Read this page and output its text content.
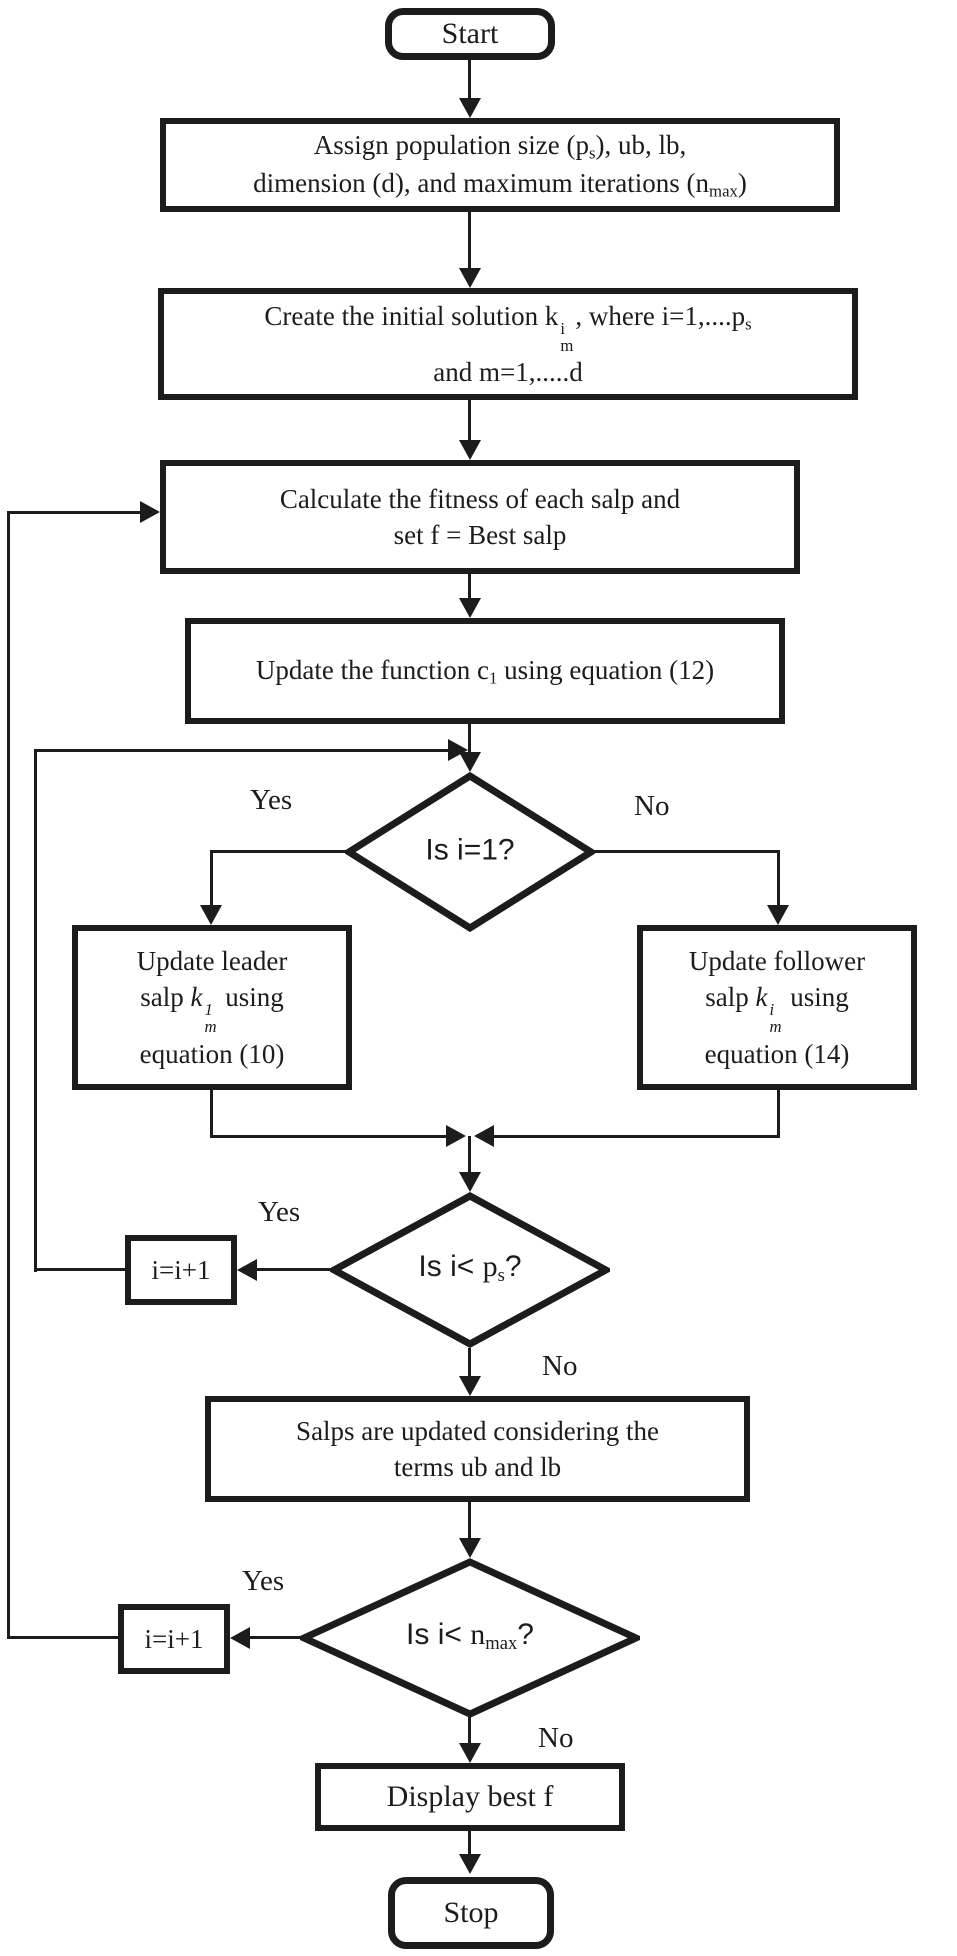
Start
Assign population size $(p_s)$, ub, lb,
dimension (d), and maximum iterations $(n_{max})$
Create the initial solution k i
m
, where $i=1,....p_s$
and m=1,.....d
Calculate the fitness of each salp and
set f = Best salp
Update the function $c_1$ using equation (12)
Is i=1?
Yes	No
Update leader
salp k 1
m
using
equation (10)
Update follower
salp k i
m
using
equation (14)
Is $i< p_s$?
Yes
No
i=i+1
Salps are updated considering the
terms ub and lb
Is $i< n_{max}$?
Yes
No
i=i+1
Display best f
Stop
